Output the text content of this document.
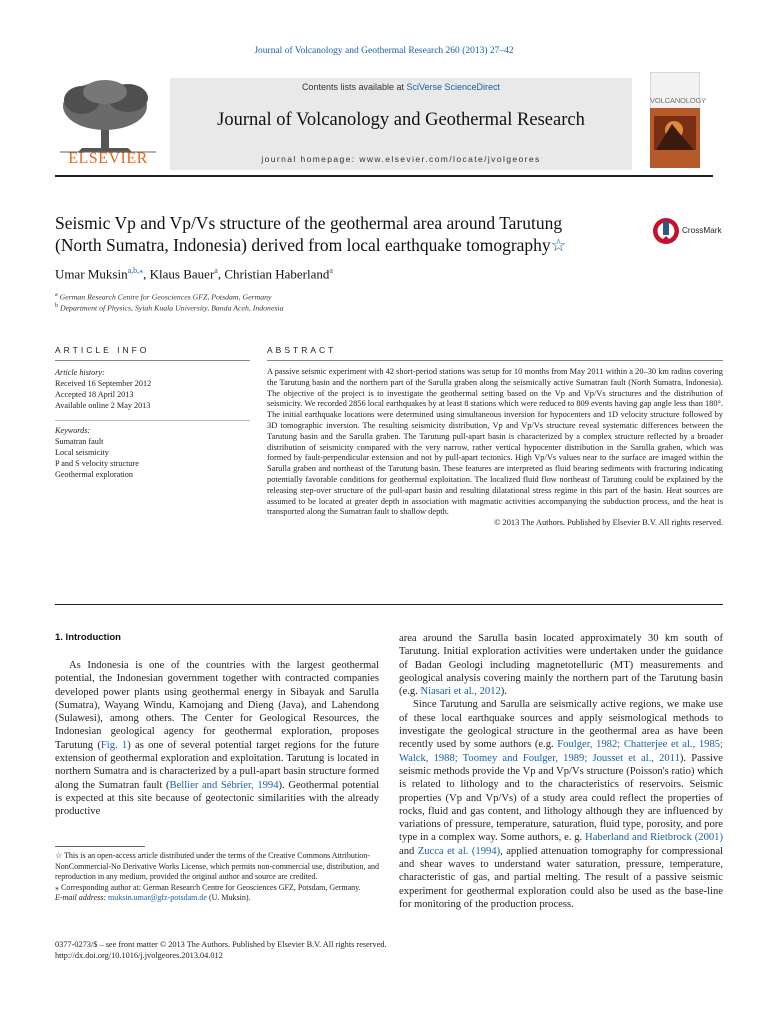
Journal of Volcanology and Geothermal Research 260 (2013) 27–42
ELSEVIER
Contents lists available at SciVerse ScienceDirect
Journal of Volcanology and Geothermal Research
journal homepage: www.elsevier.com/locate/jvolgeores
VOLCANOLOGY
Seismic Vp and Vp/Vs structure of the geothermal area around Tarutung
(North Sumatra, Indonesia) derived from local earthquake tomography☆
CrossMark
Umar Muksin$^{a,b,⁎}$, Klaus Bauer$^a$, Christian Haberland$^a$
$^a$ German Research Centre for Geosciences GFZ, Potsdam, Germany
$^b$ Department of Physics, Syiah Kuala University, Banda Aceh, Indonesia
ARTICLE INFO
Article history:
Received 16 September 2012
Accepted 18 April 2013
Available online 2 May 2013
Keywords:
Sumatran fault
Local seismicity
P and S velocity structure
Geothermal exploration
ABSTRACT
A passive seismic experiment with 42 short-period stations was setup for 10 months from May 2011 within a 20–30 km radius covering the Tarutung basin and the northern part of the Sarulla graben along the seismically active Sumatran fault (North Sumatra, Indonesia). The objective of the project is to investigate the geothermal setting based on the Vp and Vp/Vs structures and the distribution of seismicity. We recorded 2856 local earthquakes by at least 8 stations which were reduced to 809 events having gap angle less than 180°. The initial earthquake locations were determined using simultaneous inversion for hypocenters and 1D velocity structure followed by 3D tomographic inversion. The resulting seismicity distribution, Vp and Vp/Vs structure reveal systematic differences between the Tarutung basin and the Sarulla graben. The Tarutung pull-apart basin is characterized by a complex structure reflected by a broader distribution of seismicity compared with the very narrow, rather vertical hypocenter distribution in the Sarulla graben, which was formed by fault-perpendicular extension and not by pull-apart tectonics. High Vp/Vs values near to the surface are imaged within the Sarulla graben and northeast of the Tarutung basin. These features are interpreted as fluid bearing sediments with fracturing indicating potentially favorable conditions for geothermal exploitation. The localized fluid flow northeast of Tarutung could be explained by the releasing step-over structure of the pull-apart basin and resulting dilatational stress regime in this part of the basin. Heat sources are assumed to be located at greater depth in association with magmatic activities accompanying the subduction process, and the heat is transported along the Sumatran fault to shallow depth.
© 2013 The Authors. Published by Elsevier B.V. All rights reserved.
1. Introduction

As Indonesia is one of the countries with the largest geothermal potential, the Indonesian government together with contracted companies developed power plants using geothermal energy in Sibayak and Sarulla (Sumatra), Wayang Windu, Kamojang and Dieng (Java), and Lahendong (Sulawesi), among others. The Center for Geological Resources, the Indonesian geological agency for geothermal exploration, proposes Tarutung (Fig. 1) as one of several potential target regions for the future extension of geothermal exploration and exploitation. Tarutung is located in northern Sumatra and is characterized by a pull-apart basin structure formed along the Sumatran fault (Bellier and Sébrier, 1994). Geothermal potential is expected at this site because of geotectonic similarities with the already productive

area around the Sarulla basin located approximately 30 km south of Tarutung. Initial exploration activities were undertaken under the guidance of Badan Geologi including magnetotelluric (MT) measurements and geological analysis covering mainly the northern part of the Tarutung basin (e.g. Niasari et al., 2012).

Since Tarutung and Sarulla are seismically active regions, we make use of these local earthquake sources and apply seismological methods to investigate the geological structure in the geothermal area as have been recently used by some authors (e.g. Foulger, 1982; Chatterjee et al., 1985; Walck, 1988; Toomey and Foulger, 1989; Jousset et al., 2011). Passive seismic methods provide the Vp and Vp/Vs structure (Poisson's ratio) which is related to lithology and to the characteristics of reservoirs. Seismic properties (Vp and Vp/Vs) of a study area could reflect the properties of rocks, fluid and gas content, and lithology although they are influenced by variations of pressure, temperature, saturation, fluid type, porosity, and pore type in a complex way. Some authors, e. g. Haberland and Rietbrock (2001) and Zucca et al. (1994), applied attenuation tomography for compressional and shear waves to understand water saturation, pressure, temperature, characteristic of gas, and partial melting. The result of a passive seismic experiment for geothermal exploration could also be used as the base-line for monitoring of the production process.

☆ This is an open-access article distributed under the terms of the Creative Commons Attribution-NonCommercial-No Derivative Works License, which permits non-commercial use, distribution, and reproduction in any medium, provided the original author and source are credited.
⁎ Corresponding author at: German Research Centre for Geosciences GFZ, Potsdam, Germany.
E-mail address: muksin.umar@gfz-potsdam.de (U. Muksin).
0377-0273/$ – see front matter © 2013 The Authors. Published by Elsevier B.V. All rights reserved.
http://dx.doi.org/10.1016/j.jvolgeores.2013.04.012
